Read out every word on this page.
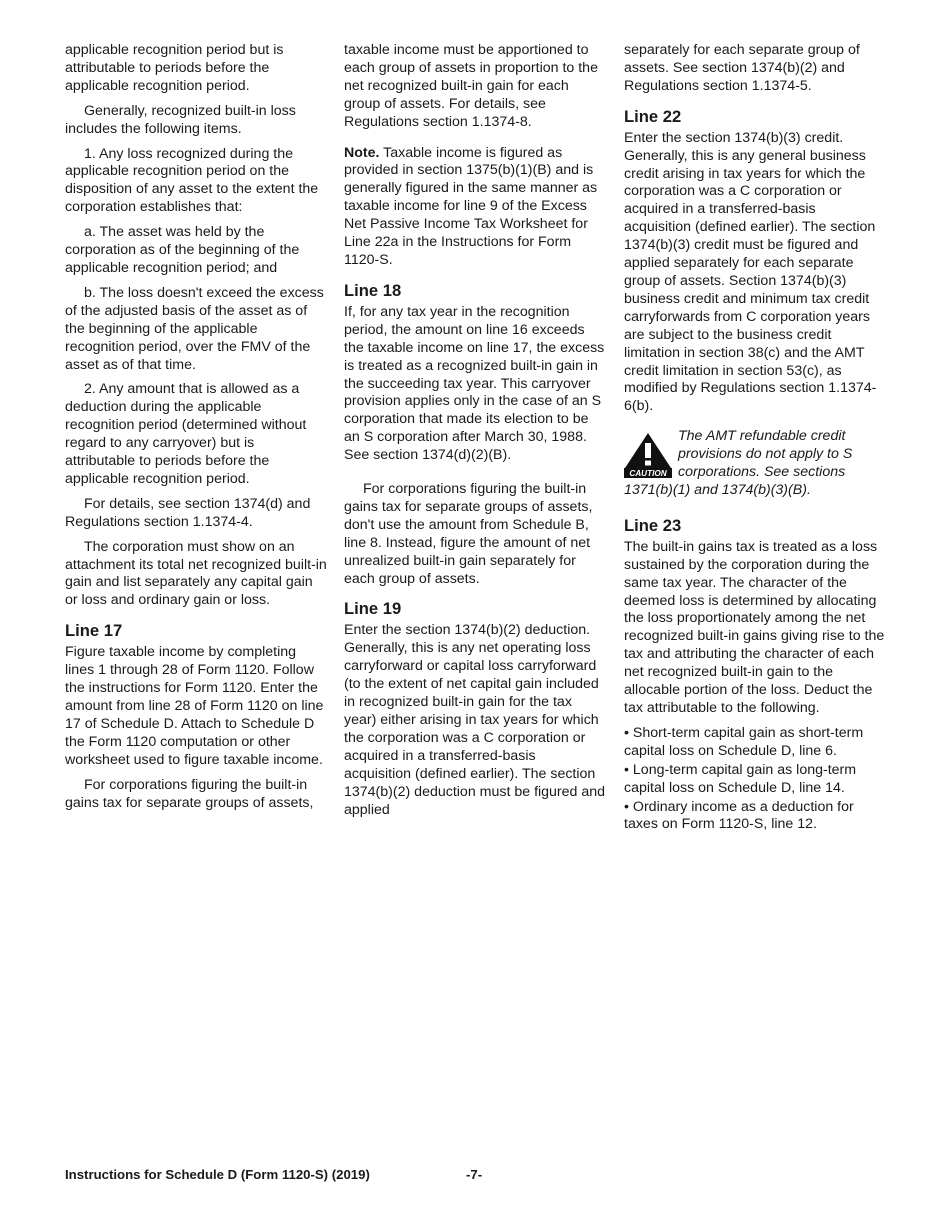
applicable recognition period but is attributable to periods before the applicable recognition period.

Generally, recognized built-in loss includes the following items.

1. Any loss recognized during the applicable recognition period on the disposition of any asset to the extent the corporation establishes that:

a. The asset was held by the corporation as of the beginning of the applicable recognition period; and

b. The loss doesn't exceed the excess of the adjusted basis of the asset as of the beginning of the applicable recognition period, over the FMV of the asset as of that time.

2. Any amount that is allowed as a deduction during the applicable recognition period (determined without regard to any carryover) but is attributable to periods before the applicable recognition period.

For details, see section 1374(d) and Regulations section 1.1374-4.

The corporation must show on an attachment its total net recognized built-in gain and list separately any capital gain or loss and ordinary gain or loss.

Line 17

Figure taxable income by completing lines 1 through 28 of Form 1120. Follow the instructions for Form 1120. Enter the amount from line 28 of Form 1120 on line 17 of Schedule D. Attach to Schedule D the Form 1120 computation or other worksheet used to figure taxable income.

For corporations figuring the built-in gains tax for separate groups of assets,

taxable income must be apportioned to each group of assets in proportion to the net recognized built-in gain for each group of assets. For details, see Regulations section 1.1374-8.

Note. Taxable income is figured as provided in section 1375(b)(1)(B) and is generally figured in the same manner as taxable income for line 9 of the Excess Net Passive Income Tax Worksheet for Line 22a in the Instructions for Form 1120-S.

Line 18

If, for any tax year in the recognition period, the amount on line 16 exceeds the taxable income on line 17, the excess is treated as a recognized built-in gain in the succeeding tax year. This carryover provision applies only in the case of an S corporation that made its election to be an S corporation after March 30, 1988. See section 1374(d)(2)(B).

For corporations figuring the built-in gains tax for separate groups of assets, don't use the amount from Schedule B, line 8. Instead, figure the amount of net unrealized built-in gain separately for each group of assets.

Line 19

Enter the section 1374(b)(2) deduction. Generally, this is any net operating loss carryforward or capital loss carryforward (to the extent of net capital gain included in recognized built-in gain for the tax year) either arising in tax years for which the corporation was a C corporation or acquired in a transferred-basis acquisition (defined earlier). The section 1374(b)(2) deduction must be figured and applied

separately for each separate group of assets. See section 1374(b)(2) and Regulations section 1.1374-5.

Line 22

Enter the section 1374(b)(3) credit. Generally, this is any general business credit arising in tax years for which the corporation was a C corporation or acquired in a transferred-basis acquisition (defined earlier). The section 1374(b)(3) credit must be figured and applied separately for each separate group of assets. Section 1374(b)(3) business credit and minimum tax credit carryforwards from C corporation years are subject to the business credit limitation in section 38(c) and the AMT credit limitation in section 53(c), as modified by Regulations section 1.1374-6(b).

CAUTION
The AMT refundable credit provisions do not apply to S corporations. See sections 1371(b)(1) and 1374(b)(3)(B).
Line 23

The built-in gains tax is treated as a loss sustained by the corporation during the same tax year. The character of the deemed loss is determined by allocating the loss proportionately among the net recognized built-in gains giving rise to the tax and attributing the character of each net recognized built-in gain to the allocable portion of the loss. Deduct the tax attributable to the following.

• Short-term capital gain as short-term capital loss on Schedule D, line 6.
• Long-term capital gain as long-term capital loss on Schedule D, line 14.
• Ordinary income as a deduction for taxes on Form 1120-S, line 12.
Instructions for Schedule D (Form 1120-S) (2019)	-7-
